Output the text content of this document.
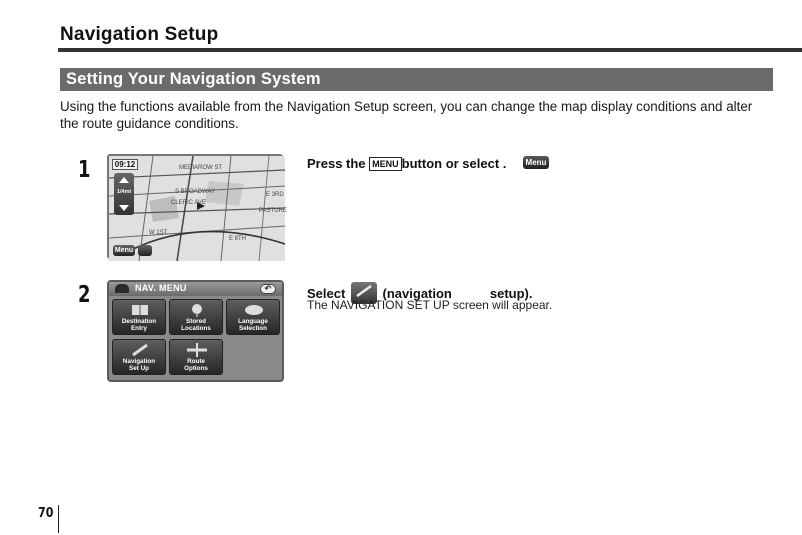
Navigation Setup
Setting Your Navigation System
Using the functions available from the Navigation Setup screen, you can change the map display conditions and alter the route guidance conditions.
1	MEDIAROW ST
S BROADWAY
CLERIC AVE
E 3RD
PASTURE
W 1ST
E 8TH
09:12
1/4mi
Menu
Press the MENU button or select .	Menu
2	NAV. MENU	↶
Destination
Entry
Stored
Locations
Language
Selection
Navigation
Set Up
Route
Options
Select
(navigation	setup).
The NAVIGATION SET UP screen will appear.
70
